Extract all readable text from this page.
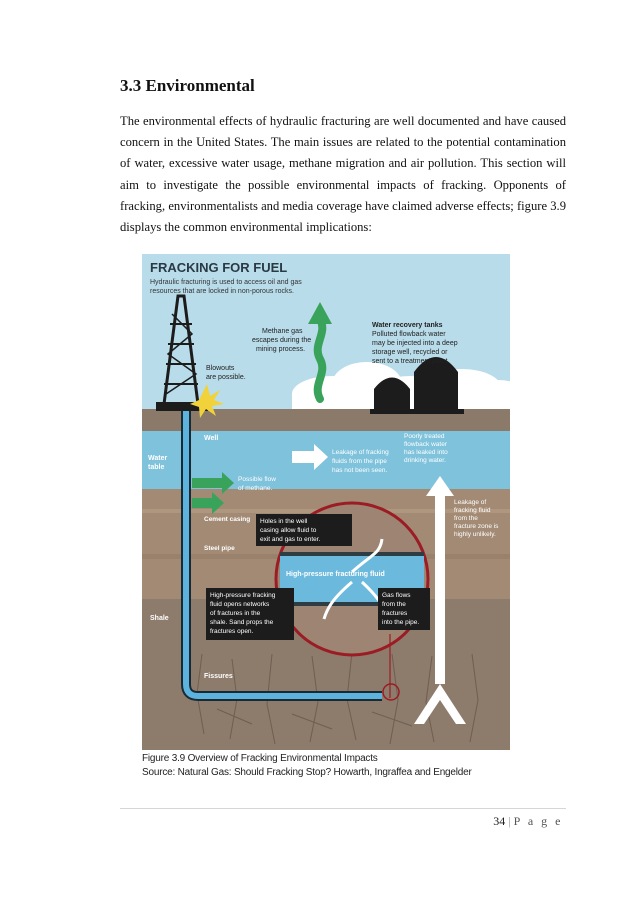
3.3 Environmental

The environmental effects of hydraulic fracturing are well documented and have caused concern in the United States. The main issues are related to the potential contamination of water, excessive water usage, methane migration and air pollution. This section will aim to investigate the possible environmental impacts of fracking. Opponents of fracking, environmentalists and media coverage have claimed adverse effects; figure 3.9 displays the common environmental implications:

FRACKING FOR FUEL
Hydraulic fracturing is used to access oil and gas
resources that are locked in non-porous rocks.
Blowouts
are possible.
Methane gas
escapes during the
mining process.
Water recovery tanks
Polluted flowback water
may be injected into a deep
storage well, recycled or
sent to a treatment plant.
Well
Water
table
Leakage of fracking
fluids from the pipe
has not been seen.
Possible flow
of methane.
Poorly treated
flowback water
has leaked into
drinking water.
Leakage of
fracking fluid
from the
fracture zone is
highly unlikely.
Cement casing
Steel pipe
Holes in the well
casing allow fluid to
exit and gas to enter.
High-pressure fracturing fluid
High-pressure fracking
fluid opens networks
of fractures in the
shale. Sand props the
fractures open.
Gas flows
from the
fractures
into the pipe.
Shale
Fissures
Figure 3.9 Overview of Fracking Environmental Impacts
Source: Natural Gas: Should Fracking Stop? Howarth, Ingraffea and Engelder
34 | P a g e
